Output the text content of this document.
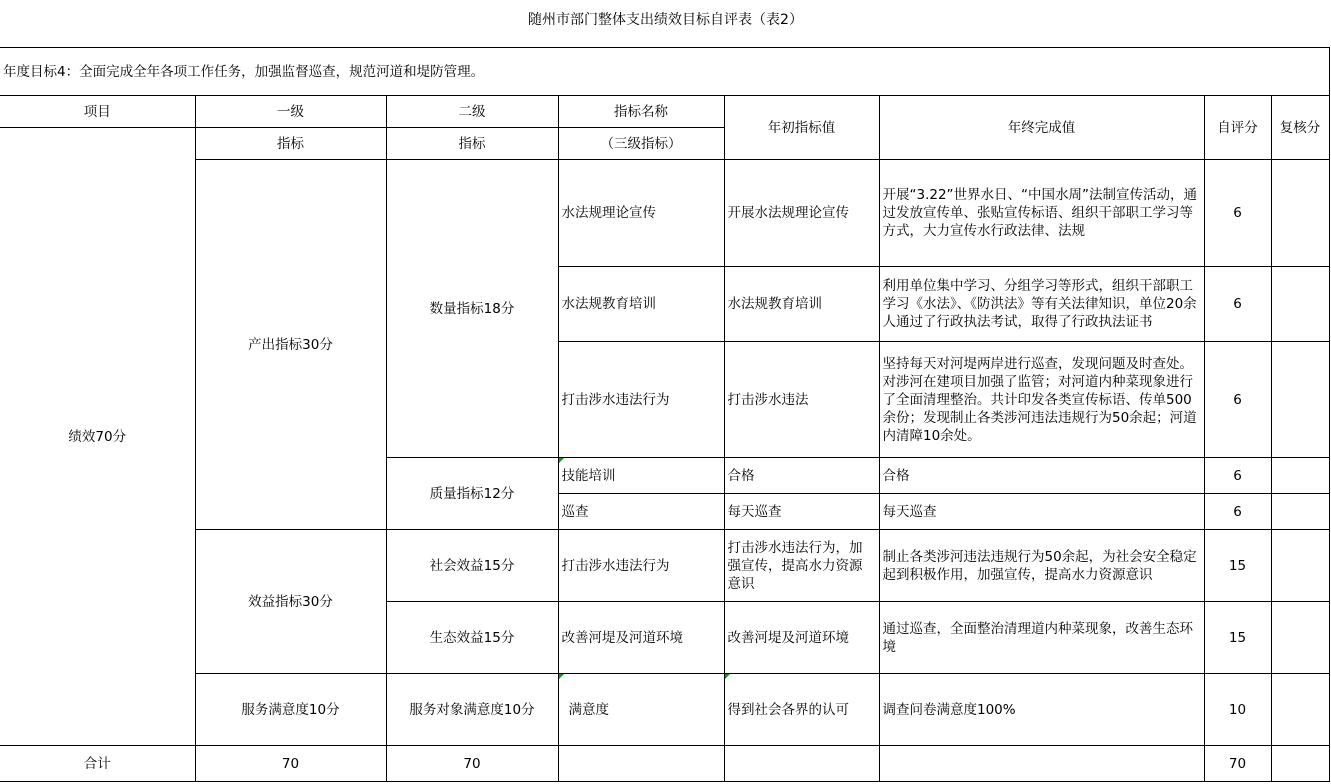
随州市部门整体支出绩效目标自评表（表2）
年度目标4：全面完成全年各项工作任务，加强监督巡查，规范河道和堤防管理。							
项目	一级	二级	指标名称	年初指标值	年终完成值	自评分	复核分
绩效70分	指标	指标	（三级指标）				
	产出指标30分	数量指标18分	水法规理论宣传	开展水法规理论宣传	开展“3.22”世界水日、“中国水周”法制宣传活动，通过发放宣传单、张贴宣传标语、组织干部职工学习等方式，大力宣传水行政法律、法规	6	
			水法规教育培训	水法规教育培训	利用单位集中学习、分组学习等形式，组织干部职工学习《水法》、《防洪法》等有关法律知识，单位20余人通过了行政执法考试，取得了行政执法证书	6	
			打击涉水违法行为	打击涉水违法	坚持每天对河堤两岸进行巡查，发现问题及时查处。对涉河在建项目加强了监管；对河道内种菜现象进行了全面清理整治。共计印发各类宣传标语、传单500余份；发现制止各类涉河违法违规行为50余起；河道内清障10余处。	6	
		质量指标12分	技能培训	合格	合格	6	
			巡查	每天巡查	每天巡查	6	
	效益指标30分	社会效益15分	打击涉水违法行为	打击涉水违法行为，加强宣传，提高水力资源意识	制止各类涉河违法违规行为50余起，为社会安全稳定起到积极作用，加强宣传，提高水力资源意识	15	
		生态效益15分	改善河堤及河道环境	改善河堤及河道环境	通过巡查，全面整治清理道内种菜现象，改善生态环境	15	
	服务满意度10分	服务对象满意度10分	满意度	得到社会各界的认可	调查问卷满意度100%	10	
合计	70	70				70	
